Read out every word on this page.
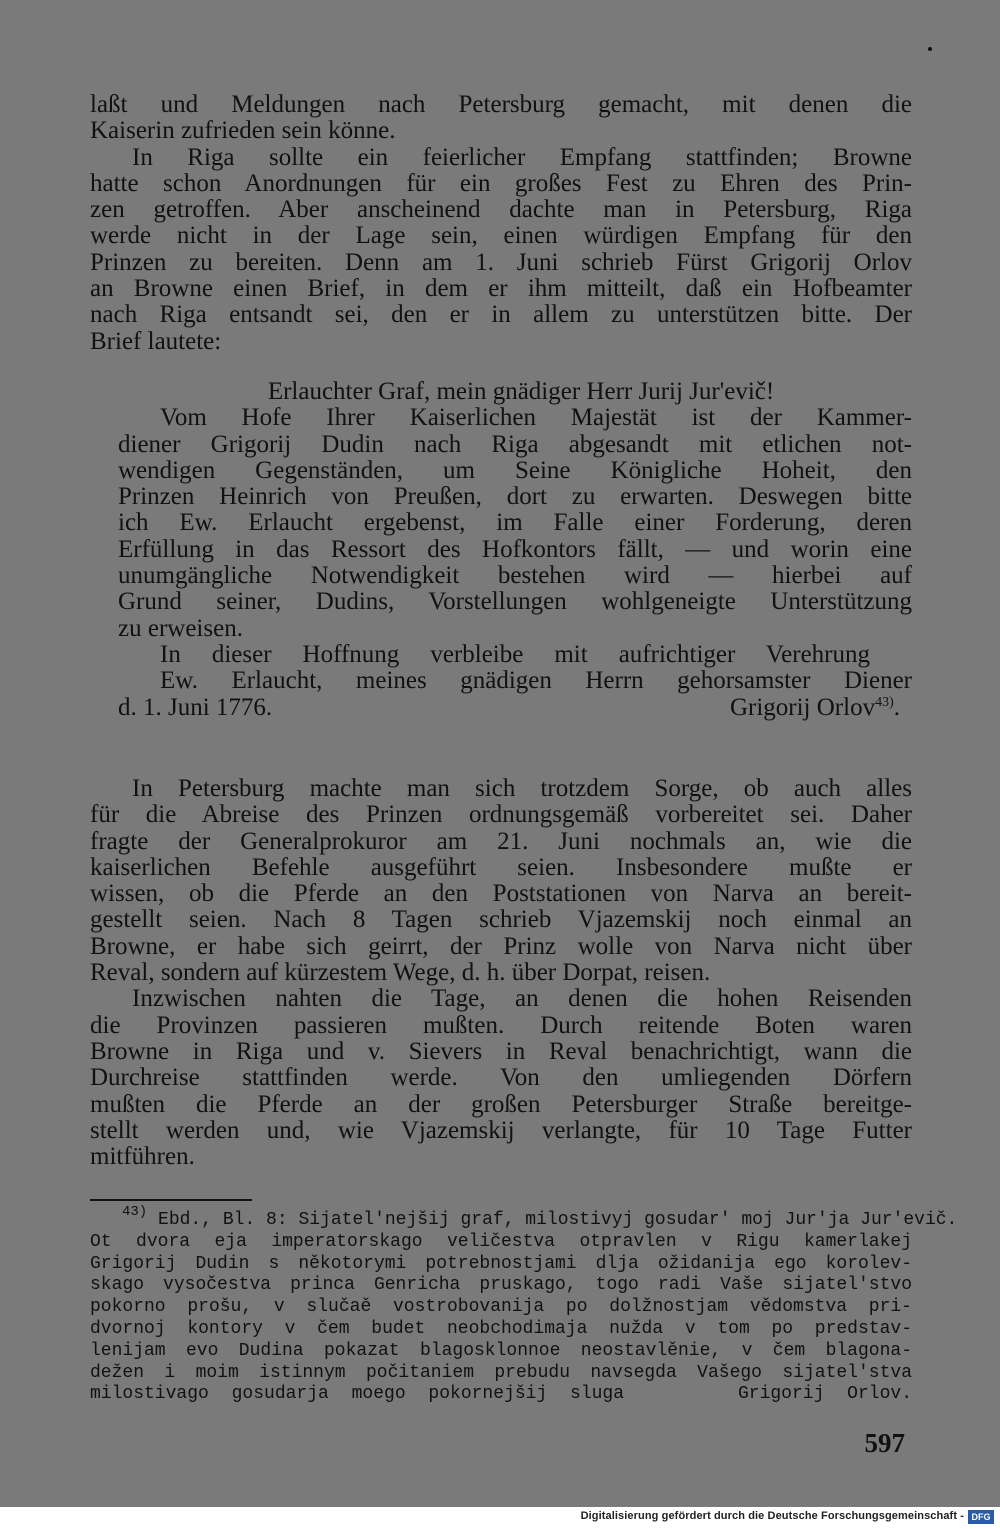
laßt und Meldungen nach Petersburg gemacht, mit denen die
Kaiserin zufrieden sein könne.
In Riga sollte ein feierlicher Empfang stattfinden; Browne
hatte schon Anordnungen für ein großes Fest zu Ehren des Prin-
zen getroffen. Aber anscheinend dachte man in Petersburg, Riga
werde nicht in der Lage sein, einen würdigen Empfang für den
Prinzen zu bereiten. Denn am 1. Juni schrieb Fürst Grigorij Orlov
an Browne einen Brief, in dem er ihm mitteilt, daß ein Hofbeamter
nach Riga entsandt sei, den er in allem zu unterstützen bitte. Der
Brief lautete:
Erlauchter Graf, mein gnädiger Herr Jurij Jur'evič!
Vom Hofe Ihrer Kaiserlichen Majestät ist der Kammer-
diener Grigorij Dudin nach Riga abgesandt mit etlichen not-
wendigen Gegenständen, um Seine Königliche Hoheit, den
Prinzen Heinrich von Preußen, dort zu erwarten. Deswegen bitte
ich Ew. Erlaucht ergebenst, im Falle einer Forderung, deren
Erfüllung in das Ressort des Hofkontors fällt, — und worin eine
unumgängliche Notwendigkeit bestehen wird — hierbei auf
Grund seiner, Dudins, Vorstellungen wohlgeneigte Unterstützung
zu erweisen.
In dieser Hoffnung verbleibe mit aufrichtiger Verehrung
Ew. Erlaucht, meines gnädigen Herrn gehorsamster Diener
d. 1. Juni 1776.	Grigorij Orlov$^{43)}$.
In Petersburg machte man sich trotzdem Sorge, ob auch alles
für die Abreise des Prinzen ordnungsgemäß vorbereitet sei. Daher
fragte der Generalprokuror am 21. Juni nochmals an, wie die
kaiserlichen Befehle ausgeführt seien. Insbesondere mußte er
wissen, ob die Pferde an den Poststationen von Narva an bereit-
gestellt seien. Nach 8 Tagen schrieb Vjazemskij noch einmal an
Browne, er habe sich geirrt, der Prinz wolle von Narva nicht über
Reval, sondern auf kürzestem Wege, d. h. über Dorpat, reisen.
Inzwischen nahten die Tage, an denen die hohen Reisenden
die Provinzen passieren mußten. Durch reitende Boten waren
Browne in Riga und v. Sievers in Reval benachrichtigt, wann die
Durchreise stattfinden werde. Von den umliegenden Dörfern
mußten die Pferde an der großen Petersburger Straße bereitge-
stellt werden und, wie Vjazemskij verlangte, für 10 Tage Futter
mitführen.
$^{43)}$ Ebd., Bl. 8: Sijatel'nejšij graf, milostivyj gosudar' moj Jur'ja Jur'evič.
Ot dvora eja imperatorskago veličestva otpravlen v Rigu kamerlakej
Grigorij Dudin s někotorymi potrebnostjami dlja ožidanija ego korolev-
skago vysočestva princa Genricha pruskago, togo radi Vaše sijatel'stvo
pokorno prošu, v slučaě vostrobovanija po dolžnostjam vědomstva pri-
dvornoj kontory v čem budet neobchodimaja nužda v tom po predstav-
lenijam evo Dudina pokazat blagosklonnoe neostavlěnie, v čem blagona-
dežen i moim istinnym počitaniem prebudu navsegda Vašego sijatel'stva
milostivago gosudarja moego pokornejšij sluga     Grigorij Orlov.
597
Digitalisierung gefördert durch die Deutsche Forschungsgemeinschaft - DFG
